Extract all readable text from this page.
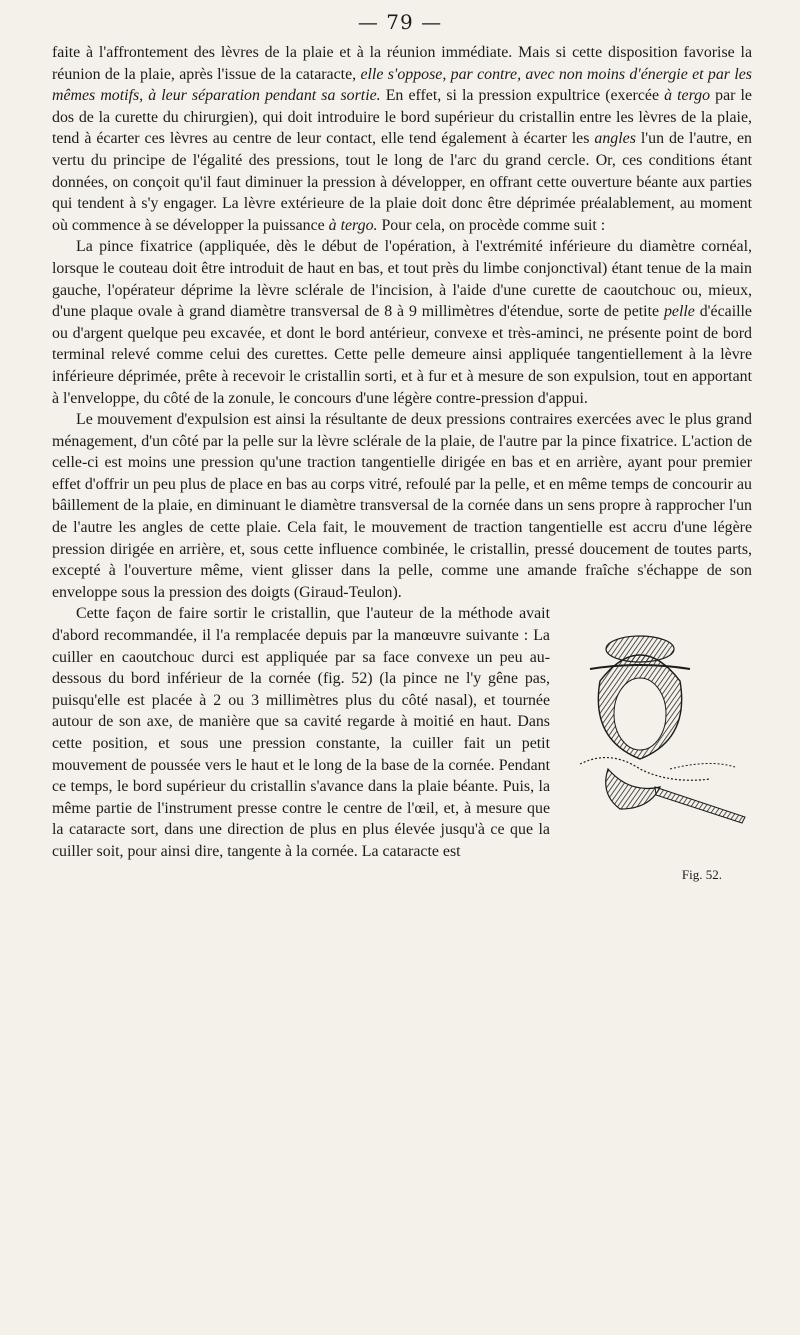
— 79 —

faite à l'affrontement des lèvres de la plaie et à la réunion immédiate. Mais si cette disposition favorise la réunion de la plaie, après l'issue de la cataracte, elle s'oppose, par contre, avec non moins d'énergie et par les mêmes motifs, à leur séparation pendant sa sortie. En effet, si la pression expultrice (exercée à tergo par le dos de la curette du chirurgien), qui doit introduire le bord supérieur du cristallin entre les lèvres de la plaie, tend à écarter ces lèvres au centre de leur contact, elle tend également à écarter les angles l'un de l'autre, en vertu du principe de l'égalité des pressions, tout le long de l'arc du grand cercle. Or, ces conditions étant données, on conçoit qu'il faut diminuer la pression à développer, en offrant cette ouverture béante aux parties qui tendent à s'y engager. La lèvre extérieure de la plaie doit donc être déprimée préalablement, au moment où commence à se développer la puissance à tergo. Pour cela, on procède comme suit :

La pince fixatrice (appliquée, dès le début de l'opération, à l'extrémité inférieure du diamètre cornéal, lorsque le couteau doit être introduit de haut en bas, et tout près du limbe conjonctival) étant tenue de la main gauche, l'opérateur déprime la lèvre sclérale de l'incision, à l'aide d'une curette de caoutchouc ou, mieux, d'une plaque ovale à grand diamètre transversal de 8 à 9 millimètres d'étendue, sorte de petite pelle d'écaille ou d'argent quelque peu excavée, et dont le bord antérieur, convexe et très-aminci, ne présente point de bord terminal relevé comme celui des curettes. Cette pelle demeure ainsi appliquée tangentiellement à la lèvre inférieure déprimée, prête à recevoir le cristallin sorti, et à fur et à mesure de son expulsion, tout en apportant à l'enveloppe, du côté de la zonule, le concours d'une légère contre-pression d'appui.

Le mouvement d'expulsion est ainsi la résultante de deux pressions contraires exercées avec le plus grand ménagement, d'un côté par la pelle sur la lèvre sclérale de la plaie, de l'autre par la pince fixatrice. L'action de celle-ci est moins une pression qu'une traction tangentielle dirigée en bas et en arrière, ayant pour premier effet d'offrir un peu plus de place en bas au corps vitré, refoulé par la pelle, et en même temps de concourir au bâillement de la plaie, en diminuant le diamètre transversal de la cornée dans un sens propre à rapprocher l'un de l'autre les angles de cette plaie. Cela fait, le mouvement de traction tangentielle est accru d'une légère pression dirigée en arrière, et, sous cette influence combinée, le cristallin, pressé doucement de toutes parts, excepté à l'ouverture même, vient glisser dans la pelle, comme une amande fraîche s'échappe de son enveloppe sous la pression des doigts (Giraud-Teulon).

Fig. 52.
Cette façon de faire sortir le cristallin, que l'auteur de la méthode avait d'abord recommandée, il l'a remplacée depuis par la manœuvre suivante : La cuiller en caoutchouc durci est appliquée par sa face convexe un peu au-dessous du bord inférieur de la cornée (fig. 52) (la pince ne l'y gêne pas, puisqu'elle est placée à 2 ou 3 millimètres plus du côté nasal), et tournée autour de son axe, de manière que sa cavité regarde à moitié en haut. Dans cette position, et sous une pression constante, la cuiller fait un petit mouvement de poussée vers le haut et le long de la base de la cornée. Pendant ce temps, le bord supérieur du cristallin s'avance dans la plaie béante. Puis, la même partie de l'instrument presse contre le centre de l'œil, et, à mesure que la cataracte sort, dans une direction de plus en plus élevée jusqu'à ce que la cuiller soit, pour ainsi dire, tangente à la cornée. La cataracte est
